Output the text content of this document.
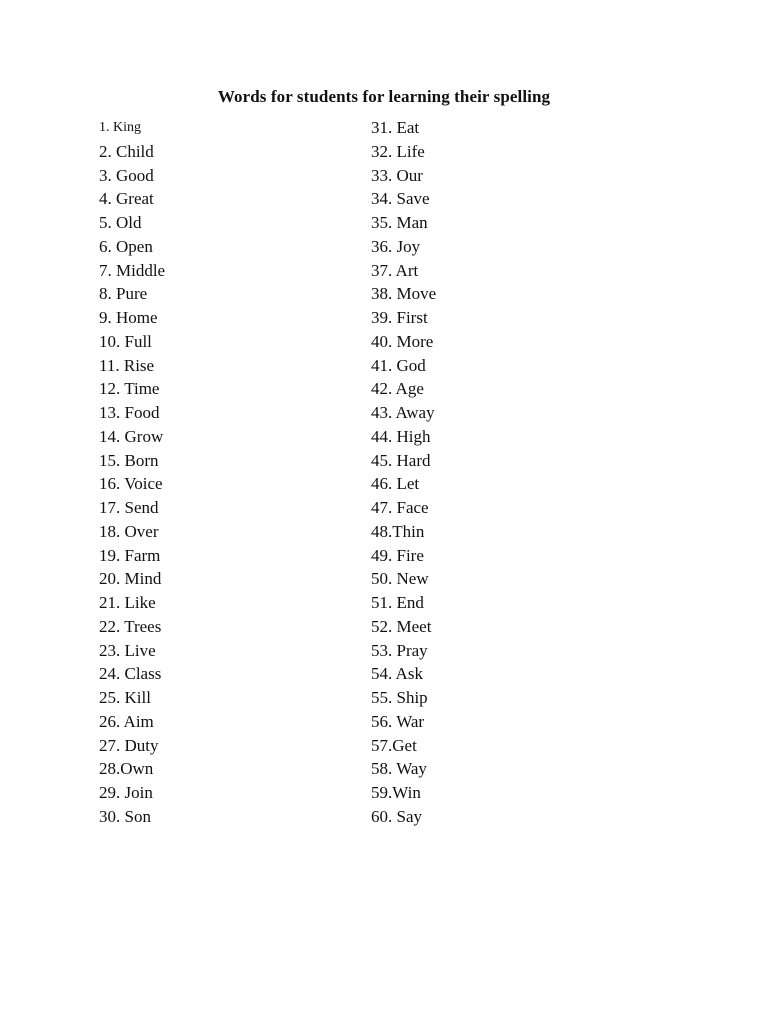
Words for students for learning their spelling
1. King
2. Child
3. Good
4. Great
5. Old
6. Open
7. Middle
8. Pure
9. Home
10. Full
11. Rise
12. Time
13. Food
14. Grow
15. Born
16. Voice
17. Send
18. Over
19. Farm
20. Mind
21. Like
22. Trees
23. Live
24. Class
25. Kill
26. Aim
27. Duty
28.Own
29. Join
30. Son
31. Eat
32. Life
33. Our
34. Save
35. Man
36. Joy
37. Art
38. Move
39. First
40. More
41. God
42. Age
43. Away
44. High
45. Hard
46. Let
47. Face
48.Thin
49. Fire
50. New
51. End
52. Meet
53. Pray
54. Ask
55. Ship
56. War
57.Get
58. Way
59.Win
60. Say
